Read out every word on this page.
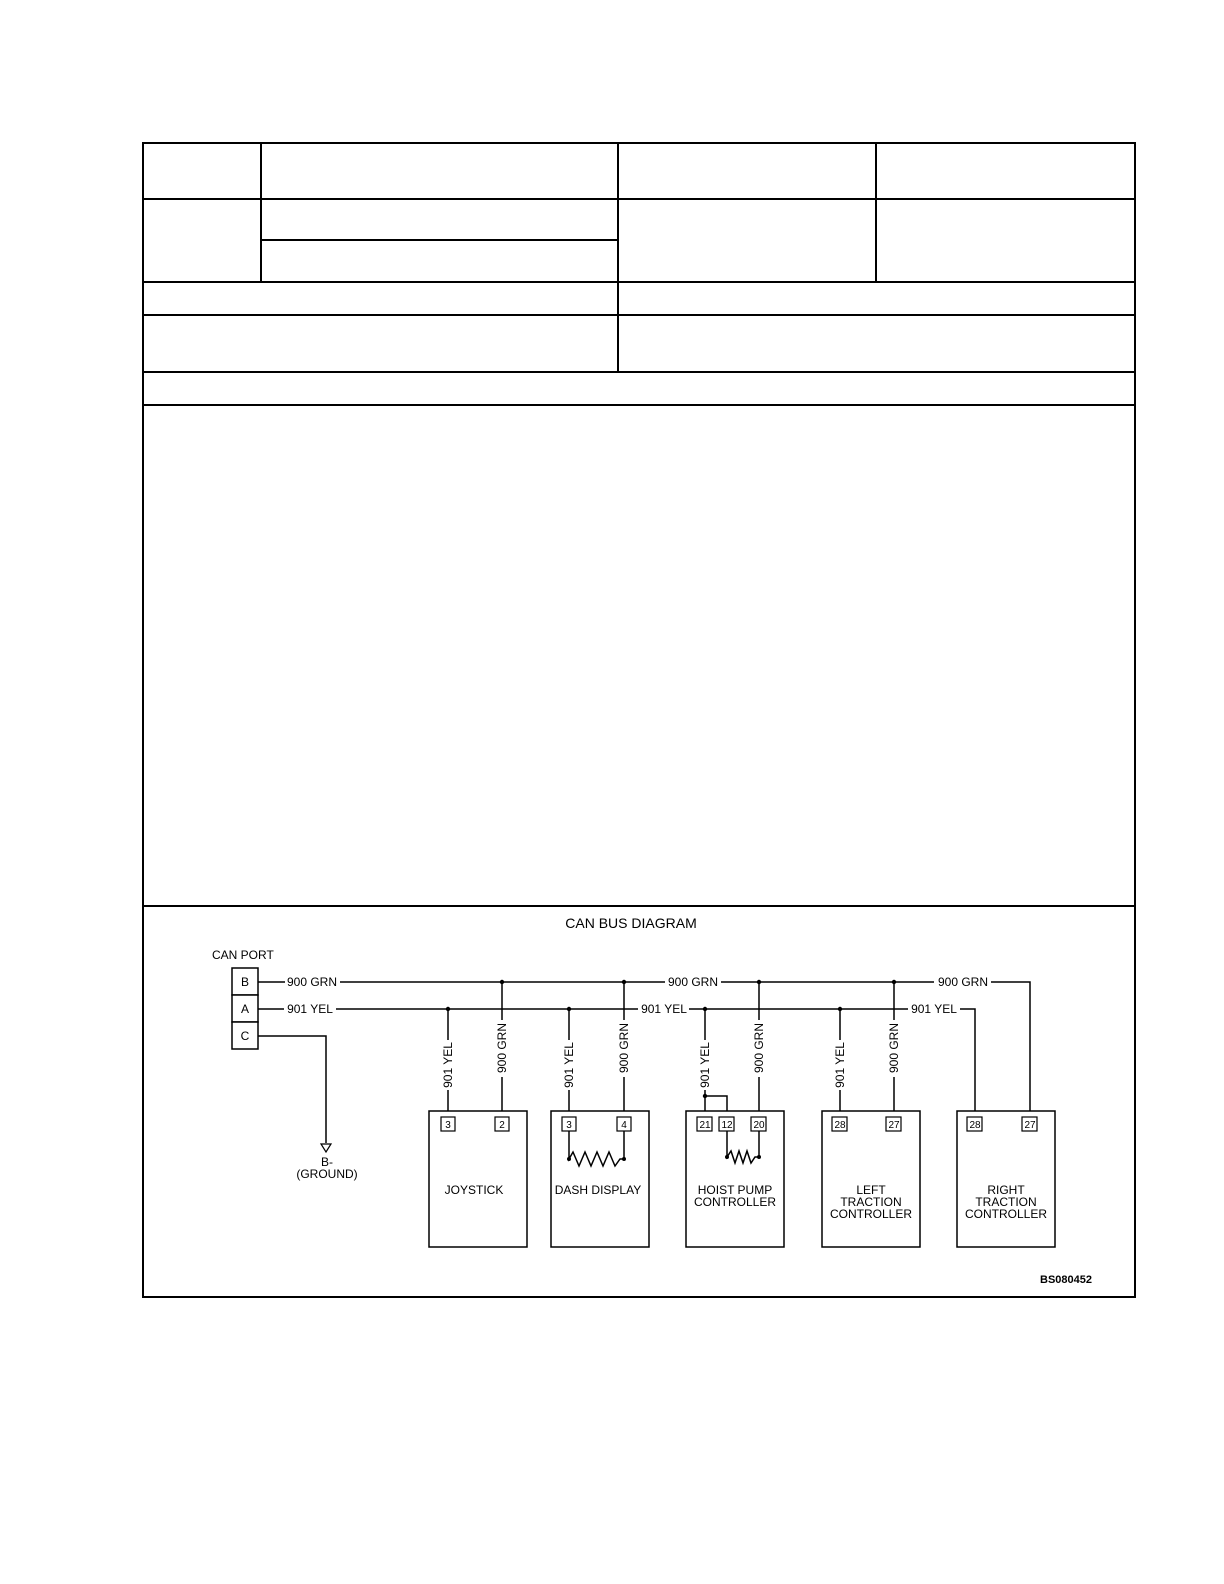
CAN BUS DIAGRAM
CAN PORT
B
A
C
900 GRN	900 GRN	900 GRN
901 YEL	901 YEL	901 YEL
B-
(GROUND)
901 YEL	900 GRN	901 YEL	900 GRN	901 YEL	900 GRN	901 YEL	900 GRN
3	2
JOYSTICK
3	4
DASH DISPLAY
21 12 20
HOIST PUMP
CONTROLLER
28	27
LEFT
TRACTION
CONTROLLER
28	27
RIGHT
TRACTION
CONTROLLER
BS080452
